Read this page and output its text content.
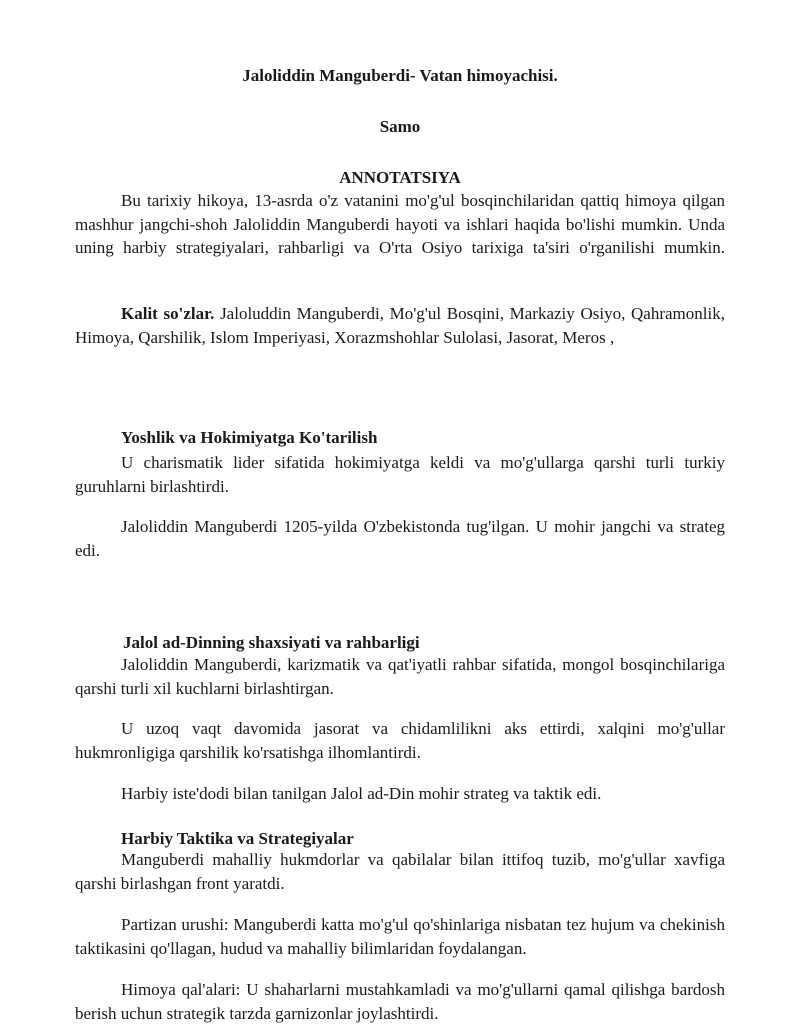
Jaloliddin Manguberdi- Vatan himoyachisi.
Samo
ANNOTATSIYA

Bu tarixiy hikoya, 13-asrda o'z vatanini mo'g'ul bosqinchilaridan qattiq himoya qilgan mashhur jangchi-shoh Jaloliddin Manguberdi hayoti va ishlari haqida bo'lishi mumkin. Unda uning harbiy strategiyalari, rahbarligi va O'rta Osiyo tarixiga ta'siri o'rganilishi mumkin.

Kalit so'zlar. Jaloluddin Manguberdi, Mo'g'ul Bosqini, Markaziy Osiyo, Qahramonlik, Himoya, Qarshilik, Islom Imperiyasi, Xorazmshohlar Sulolasi, Jasorat, Meros ,

Yoshlik va Hokimiyatga Ko'tarilish

U charismatik lider sifatida hokimiyatga keldi va mo'g'ullarga qarshi turli turkiy guruhlarni birlashtirdi.

Jaloliddin Manguberdi 1205-yilda O'zbekistonda tug'ilgan. U mohir jangchi va strateg edi.

Jalol ad-Dinning shaxsiyati va rahbarligi

Jaloliddin Manguberdi, karizmatik va qat'iyatli rahbar sifatida, mongol bosqinchilariga qarshi turli xil kuchlarni birlashtirgan.

U uzoq vaqt davomida jasorat va chidamlilikni aks ettirdi, xalqini mo'g'ullar hukmronligiga qarshilik ko'rsatishga ilhomlantirdi.

Harbiy iste'dodi bilan tanilgan Jalol ad-Din mohir strateg va taktik edi.

Harbiy Taktika va Strategiyalar

Manguberdi mahalliy hukmdorlar va qabilalar bilan ittifoq tuzib, mo'g'ullar xavfiga qarshi birlashgan front yaratdi.

Partizan urushi: Manguberdi katta mo'g'ul qo'shinlariga nisbatan tez hujum va chekinish taktikasini qo'llagan, hudud va mahalliy bilimlaridan foydalangan.

Himoya qal'alari: U shaharlarni mustahkamladi va mo'g'ullarni qamal qilishga bardosh berish uchun strategik tarzda garnizonlar joylashtirdi.
